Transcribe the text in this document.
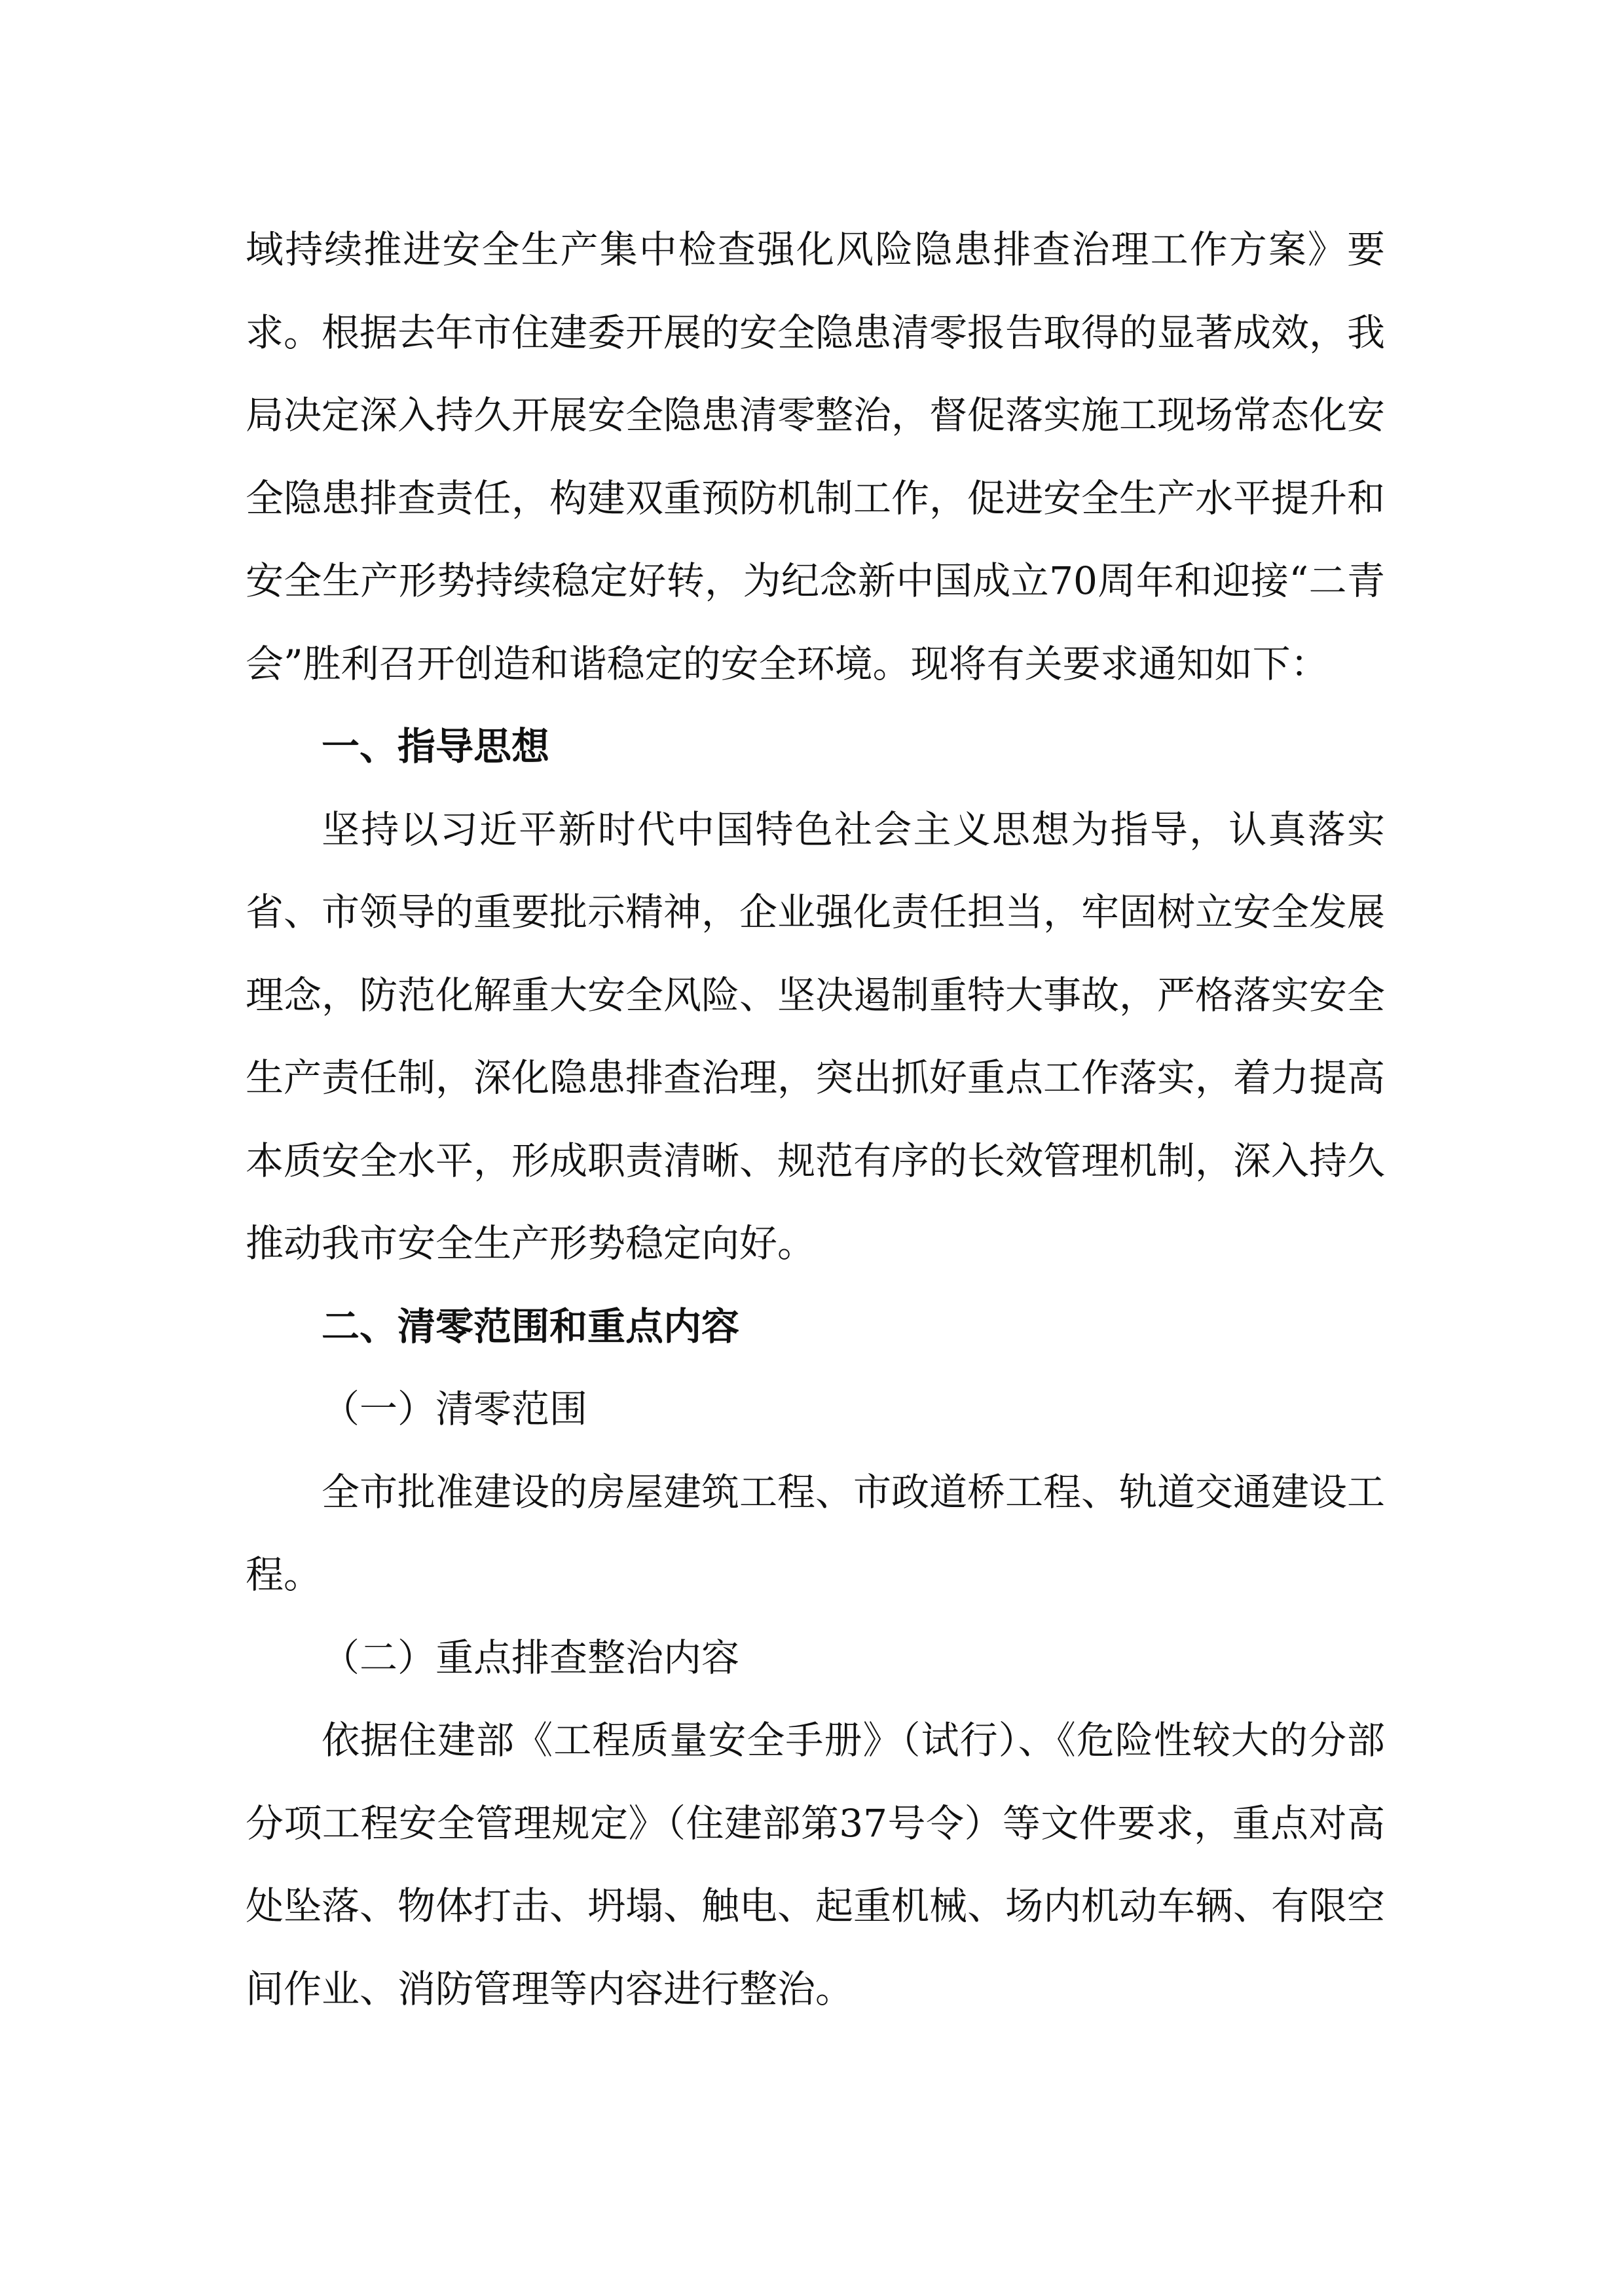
域持续推进安全生产集中检查强化风险隐患排查治理工作方案》要求。根据去年市住建委开展的安全隐患清零报告取得的显著成效，我局决定深入持久开展安全隐患清零整治，督促落实施工现场常态化安全隐患排查责任，构建双重预防机制工作，促进安全生产水平提升和安全生产形势持续稳定好转，为纪念新中国成立70周年和迎接“二青会”胜利召开创造和谐稳定的安全环境。现将有关要求通知如下：

一、指导思想

坚持以习近平新时代中国特色社会主义思想为指导，认真落实省、市领导的重要批示精神，企业强化责任担当，牢固树立安全发展理念，防范化解重大安全风险、坚决遏制重特大事故，严格落实安全生产责任制，深化隐患排查治理，突出抓好重点工作落实，着力提高本质安全水平，形成职责清晰、规范有序的长效管理机制，深入持久推动我市安全生产形势稳定向好。

二、清零范围和重点内容

（一）清零范围

全市批准建设的房屋建筑工程、市政道桥工程、轨道交通建设工程。

（二）重点排查整治内容

依据住建部《工程质量安全手册》（试行）、《危险性较大的分部分项工程安全管理规定》（住建部第37号令）等文件要求，重点对高处坠落、物体打击、坍塌、触电、起重机械、场内机动车辆、有限空间作业、消防管理等内容进行整治。
